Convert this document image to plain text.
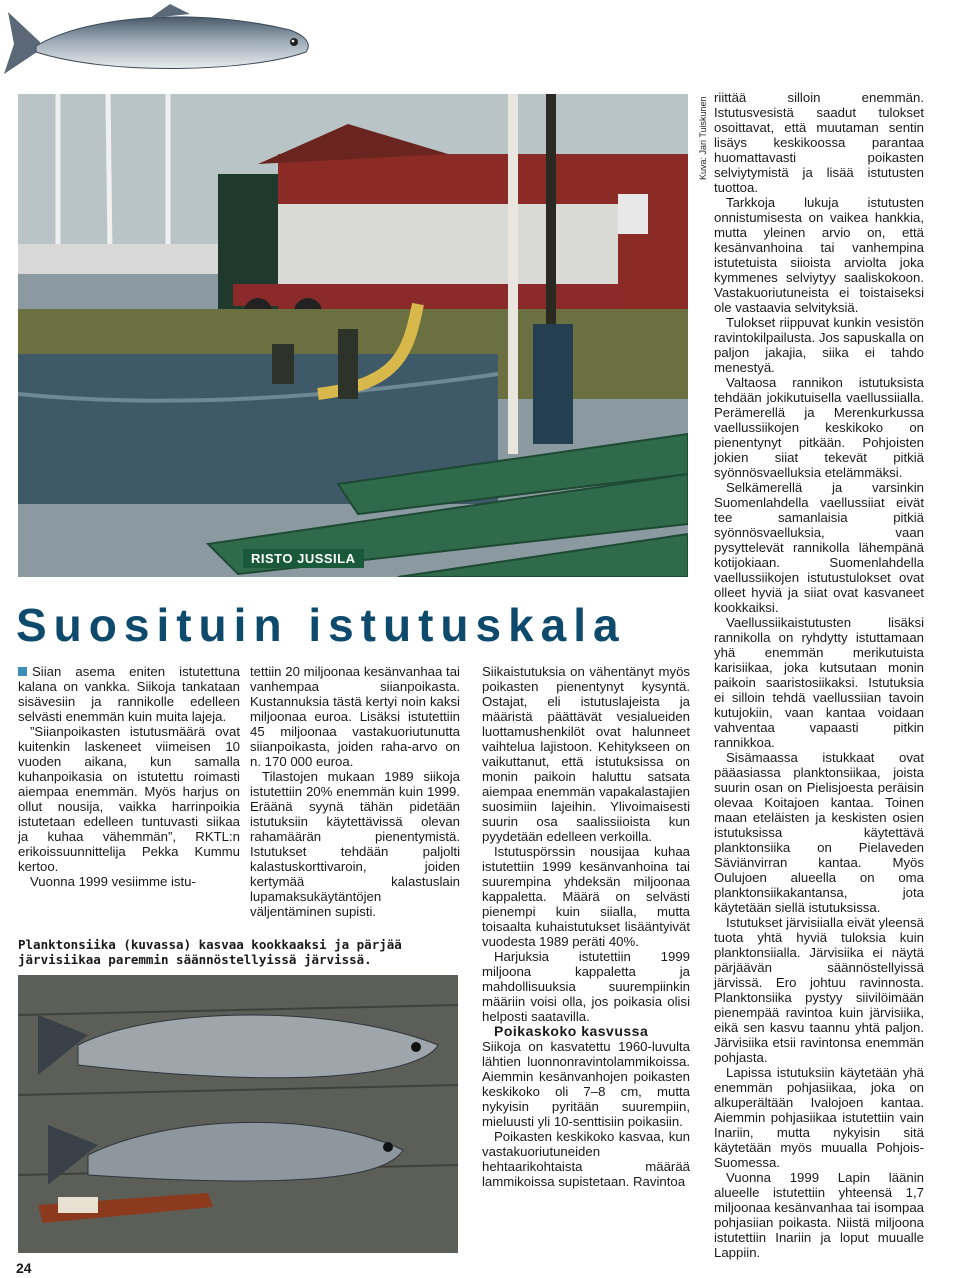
Kuva: Jari Tuiskunen
RISTO JUSSILA
Suosituin istutuskala

Siian asema eniten istutettuna kalana on vankka. Siikoja tankataan sisävesiin ja rannikolle edelleen selvästi enemmän kuin muita lajeja.

”Siianpoikasten istutusmäärä ovat kuitenkin laskeneet viimeisen 10 vuoden aikana, kun samalla kuhanpoikasia on istutettu roimasti aiempaa enemmän. Myös harjus on ollut nousija, vaikka harrinpoikia istutetaan edelleen tuntuvasti siikaa ja kuhaa vähemmän”, RKTL:n erikoissuunnittelija Pekka Kummu kertoo.

Vuonna 1999 vesiimme istu-

tettiin 20 miljoonaa kesänvanhaa tai vanhempaa siianpoikasta. Kustannuksia tästä kertyi noin kaksi miljoonaa euroa. Lisäksi istutettiin 45 miljoonaa vastakuoriutunutta siianpoikasta, joiden raha-arvo on n. 170 000 euroa.

Tilastojen mukaan 1989 siikoja istutettiin 20% enemmän kuin 1999. Eräänä syynä tähän pidetään istutuksiin käytettävissä olevan rahamäärän pienentymistä. Istutukset tehdään paljolti kalastuskorttivaroin, joiden kertymää kalastuslain lupamaksukäytäntöjen väljentäminen supisti.

Planktonsiika (kuvassa) kasvaa kookkaaksi ja pärjää järvisiikaa paremmin säännöstellyissä järvissä.

Siikaistutuksia on vähentänyt myös poikasten pienentynyt kysyntä. Ostajat, eli istutuslajeista ja määristä päättävät vesialueiden luottamushenkilöt ovat halunneet vaihtelua lajistoon. Kehitykseen on vaikuttanut, että istutuksissa on monin paikoin haluttu satsata aiempaa enemmän vapakalastajien suosimiin lajeihin. Ylivoimaisesti suurin osa saalissiioista kun pyydetään edelleen verkoilla.

Istutuspörssin nousijaa kuhaa istutettiin 1999 kesänvanhoina tai suurempina yhdeksän miljoonaa kappaletta. Määrä on selvästi pienempi kuin siialla, mutta toisaalta kuhaistutukset lisääntyivät vuodesta 1989 peräti 40%.

Harjuksia istutettiin 1999 miljoona kappaletta ja mahdollisuuksia suurempiinkin määriin voisi olla, jos poikasia olisi helposti saatavilla.

Poikaskoko kasvussa

Siikoja on kasvatettu 1960-luvulta lähtien luonnonravintolammikoissa. Aiemmin kesänvanhojen poikasten keskikoko oli 7–8 cm, mutta nykyisin pyritään suurempiin, mieluusti yli 10-senttisiin poikasiin.

Poikasten keskikoko kasvaa, kun vastakuoriutuneiden hehtaarikohtaista määrää lammikoissa supistetaan. Ravintoa

riittää silloin enemmän. Istutusvesistä saadut tulokset osoittavat, että muutaman sentin lisäys keskikoossa parantaa huomattavasti poikasten selviytymistä ja lisää istutusten tuottoa.

Tarkkoja lukuja istutusten onnistumisesta on vaikea hankkia, mutta yleinen arvio on, että kesänvanhoina tai vanhempina istutetuista siioista arviolta joka kymmenes selviytyy saaliskokoon. Vastakuoriutuneista ei toistaiseksi ole vastaavia selvityksiä.

Tulokset riippuvat kunkin vesistön ravintokilpailusta. Jos sapuskalla on paljon jakajia, siika ei tahdo menestyä.

Valtaosa rannikon istutuksista tehdään jokikutuisella vaellussiialla. Perämerellä ja Merenkurkussa vaellussiikojen keskikoko on pienentynyt pitkään. Pohjoisten jokien siiat tekevät pitkiä syönnösvaelluksia etelämmäksi.

Selkämerellä ja varsinkin Suomenlahdella vaellussiiat eivät tee samanlaisia pitkiä syönnösvaelluksia, vaan pysyttelevät rannikolla lähempänä kotijokiaan. Suomenlahdella vaellussiikojen istutustulokset ovat olleet hyviä ja siiat ovat kasvaneet kookkaiksi.

Vaellussiikaistutusten lisäksi rannikolla on ryhdytty istuttamaan yhä enemmän merikutuista karisiikaa, joka kutsutaan monin paikoin saaristosiikaksi. Istutuksia ei silloin tehdä vaellussiian tavoin kutujokiin, vaan kantaa voidaan vahventaa vapaasti pitkin rannikkoa.

Sisämaassa istukkaat ovat pääasiassa planktonsiikaa, joista suurin osan on Pielisjoesta peräisin olevaa Koitajoen kantaa. Toinen maan eteläisten ja keskisten osien istutuksissa käytettävä planktonsiika on Pielaveden Säviänvirran kantaa. Myös Oulujoen alueella on oma planktonsiikakantansa, jota käytetään siellä istutuksissa.

Istutukset järvisiialla eivät yleensä tuota yhtä hyviä tuloksia kuin planktonsiialla. Järvisiika ei näytä pärjäävän säännöstellyissä järvissä. Ero johtuu ravinnosta. Planktonsiika pystyy siivilöimään pienempää ravintoa kuin järvisiika, eikä sen kasvu taannu yhtä paljon. Järvisiika etsii ravintonsa enemmän pohjasta.

Lapissa istutuksiin käytetään yhä enemmän pohjasiikaa, joka on alkuperältään Ivalojoen kantaa. Aiemmin pohjasiikaa istutettiin vain Inariin, mutta nykyisin sitä käytetään myös muualla Pohjois-Suomessa.

Vuonna 1999 Lapin läänin alueelle istutettiin yhteensä 1,7 miljoonaa kesänvanhaa tai isompaa pohjasiian poikasta. Niistä miljoona istutettiin Inariin ja loput muualle Lappiin.

24
